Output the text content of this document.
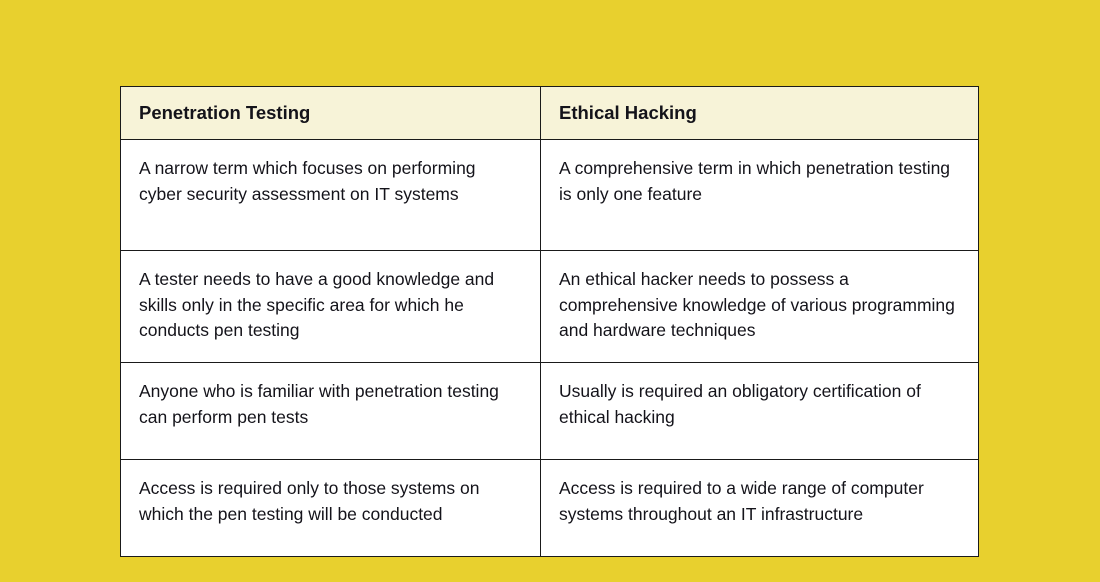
Penetration Testing	Ethical Hacking
A narrow term which focuses on performing cyber security assessment on IT systems	A comprehensive term in which penetration testing is only one feature
A tester needs to have a good knowledge and skills only in the specific area for which he conducts pen testing	An ethical hacker needs to possess a comprehensive knowledge of various programming and hardware techniques
Anyone who is familiar with penetration testing can perform pen tests	Usually is required an obligatory certification of ethical hacking
Access is required only to those systems on which the pen testing will be conducted	Access is required to a wide range of computer systems throughout an IT infrastructure
